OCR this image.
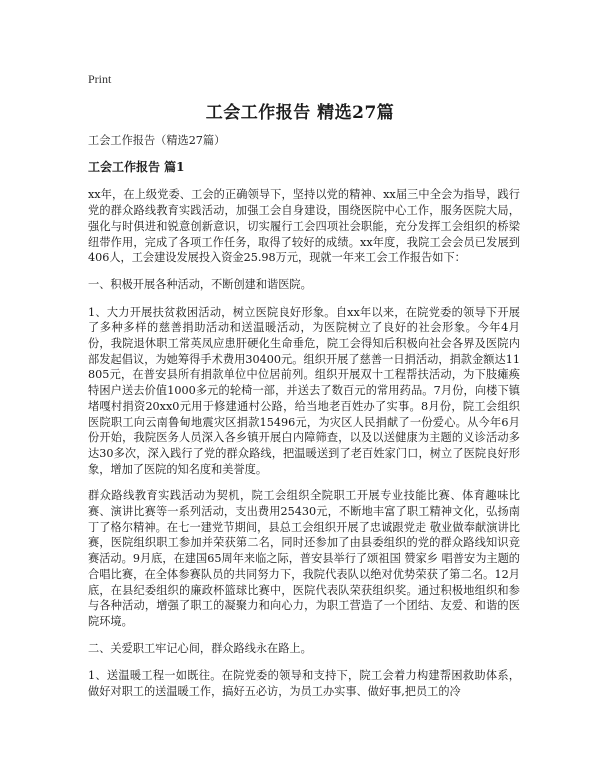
Print
工会工作报告 精选27篇

工会工作报告（精选27篇）

工会工作报告 篇1

xx年，在上级党委、工会的正确领导下，坚持以党的精神、xx届三中全会为指导，践行党的群众路线教育实践活动，加强工会自身建设，围绕医院中心工作，服务医院大局，强化与时俱进和锐意创新意识，切实履行工会四项社会职能，充分发挥工会组织的桥梁纽带作用，完成了各项工作任务，取得了较好的成绩。xx年度，我院工会会员已发展到406人，工会建设发展投入资金25.98万元，现就一年来工会工作报告如下：

一、积极开展各种活动，不断创建和谐医院。

1、大力开展扶贫救困活动，树立医院良好形象。自xx年以来，在院党委的领导下开展了多种多样的慈善捐助活动和送温暖活动，为医院树立了良好的社会形象。今年4月份，我院退休职工常英凤应患肝硬化生命垂危，院工会得知后积极向社会各界及医院内部发起倡议，为她筹得手术费用30400元。组织开展了慈善一日捐活动，捐款金额达11805元，在普安县所有捐款单位中位居前列。组织开展双十工程帮扶活动，为下肢瘫痪特困户送去价值1000多元的轮椅一部，并送去了数百元的常用药品。7月份，向楼下镇堵嘎村捐资20xx0元用于修建通村公路，给当地老百姓办了实事。8月份，院工会组织医院职工向云南鲁甸地震灾区捐款15496元，为灾区人民捐献了一份爱心。从今年6月份开始，我院医务人员深入各乡镇开展白内障筛查，以及以送健康为主题的义诊活动多达30多次，深入践行了党的群众路线，把温暖送到了老百姓家门口，树立了医院良好形象，增加了医院的知名度和美誉度。

群众路线教育实践活动为契机，院工会组织全院职工开展专业技能比赛、体育趣味比赛、演讲比赛等一系列活动，支出费用25430元，不断地丰富了职工精神文化，弘扬南丁了格尔精神。在七一建党节期间，县总工会组织开展了忠诚跟党走 敬业做奉献演讲比赛，医院组织职工参加并荣获第二名，同时还参加了由县委组织的党的群众路线知识竞赛活动。9月底，在建国65周年来临之际，普安县举行了颂祖国 赞家乡 唱普安为主题的合唱比赛，在全体参赛队员的共同努力下，我院代表队以绝对优势荣获了第二名。12月底，在县纪委组织的廉政杯篮球比赛中，医院代表队荣获组织奖。通过积极地组织和参与各种活动，增强了职工的凝聚力和向心力，为职工营造了一个团结、友爱、和谐的医院环境。

二、关爱职工牢记心间，群众路线永在路上。

1、送温暖工程一如既往。在院党委的领导和支持下，院工会着力构建帮困救助体系，做好对职工的送温暖工作，搞好五必访，为员工办实事、做好事,把员工的冷
